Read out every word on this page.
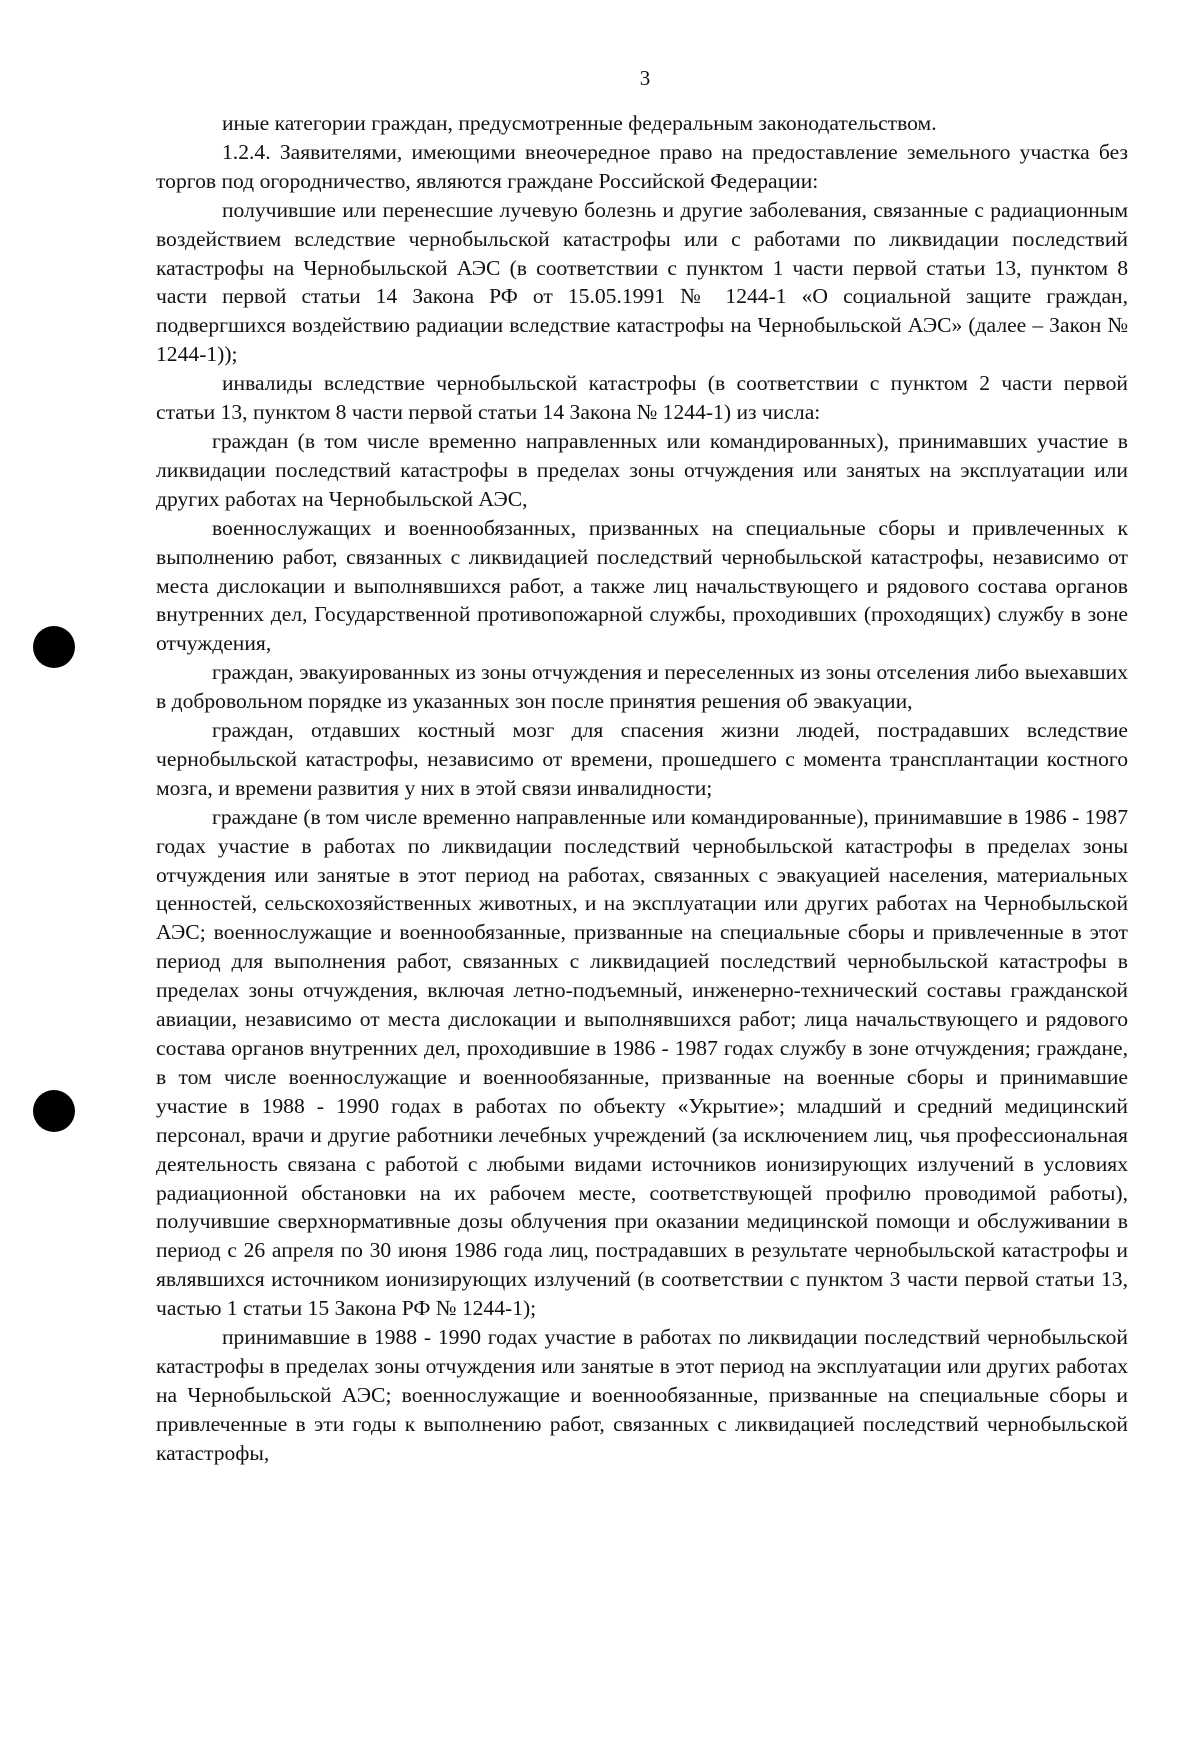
3

иные категории граждан, предусмотренные федеральным законодательством.

1.2.4. Заявителями, имеющими внеочередное право на предоставление земельного участка без торгов под огородничество, являются граждане Российской Федерации:

получившие или перенесшие лучевую болезнь и другие заболевания, связанные с радиационным воздействием вследствие чернобыльской катастрофы или с работами по ликвидации последствий катастрофы на Чернобыльской АЭС (в соответствии с пунктом 1 части первой статьи 13, пунктом 8 части первой статьи 14 Закона РФ от 15.05.1991 № 1244-1 «О социальной защите граждан, подвергшихся воздействию радиации вследствие катастрофы на Чернобыльской АЭС» (далее – Закон № 1244-1));

инвалиды вследствие чернобыльской катастрофы (в соответствии с пунктом 2 части первой статьи 13, пунктом 8 части первой статьи 14 Закона № 1244-1) из числа:

граждан (в том числе временно направленных или командированных), принимавших участие в ликвидации последствий катастрофы в пределах зоны отчуждения или занятых на эксплуатации или других работах на Чернобыльской АЭС,

военнослужащих и военнообязанных, призванных на специальные сборы и привлеченных к выполнению работ, связанных с ликвидацией последствий чернобыльской катастрофы, независимо от места дислокации и выполнявшихся работ, а также лиц начальствующего и рядового состава органов внутренних дел, Государственной противопожарной службы, проходивших (проходящих) службу в зоне отчуждения,

граждан, эвакуированных из зоны отчуждения и переселенных из зоны отселения либо выехавших в добровольном порядке из указанных зон после принятия решения об эвакуации,

граждан, отдавших костный мозг для спасения жизни людей, пострадавших вследствие чернобыльской катастрофы, независимо от времени, прошедшего с момента трансплантации костного мозга, и времени развития у них в этой связи инвалидности;

граждане (в том числе временно направленные или командированные), принимавшие в 1986 - 1987 годах участие в работах по ликвидации последствий чернобыльской катастрофы в пределах зоны отчуждения или занятые в этот период на работах, связанных с эвакуацией населения, материальных ценностей, сельскохозяйственных животных, и на эксплуатации или других работах на Чернобыльской АЭС; военнослужащие и военнообязанные, призванные на специальные сборы и привлеченные в этот период для выполнения работ, связанных с ликвидацией последствий чернобыльской катастрофы в пределах зоны отчуждения, включая летно-подъемный, инженерно-технический составы гражданской авиации, независимо от места дислокации и выполнявшихся работ; лица начальствующего и рядового состава органов внутренних дел, проходившие в 1986 - 1987 годах службу в зоне отчуждения; граждане, в том числе военнослужащие и военнообязанные, призванные на военные сборы и принимавшие участие в 1988 - 1990 годах в работах по объекту «Укрытие»; младший и средний медицинский персонал, врачи и другие работники лечебных учреждений (за исключением лиц, чья профессиональная деятельность связана с работой с любыми видами источников ионизирующих излучений в условиях радиационной обстановки на их рабочем месте, соответствующей профилю проводимой работы), получившие сверхнормативные дозы облучения при оказании медицинской помощи и обслуживании в период с 26 апреля по 30 июня 1986 года лиц, пострадавших в результате чернобыльской катастрофы и являвшихся источником ионизирующих излучений (в соответствии с пунктом 3 части первой статьи 13, частью 1 статьи 15 Закона РФ № 1244-1);

принимавшие в 1988 - 1990 годах участие в работах по ликвидации последствий чернобыльской катастрофы в пределах зоны отчуждения или занятые в этот период на эксплуатации или других работах на Чернобыльской АЭС; военнослужащие и военнообязанные, призванные на специальные сборы и привлеченные в эти годы к выполнению работ, связанных с ликвидацией последствий чернобыльской катастрофы,
